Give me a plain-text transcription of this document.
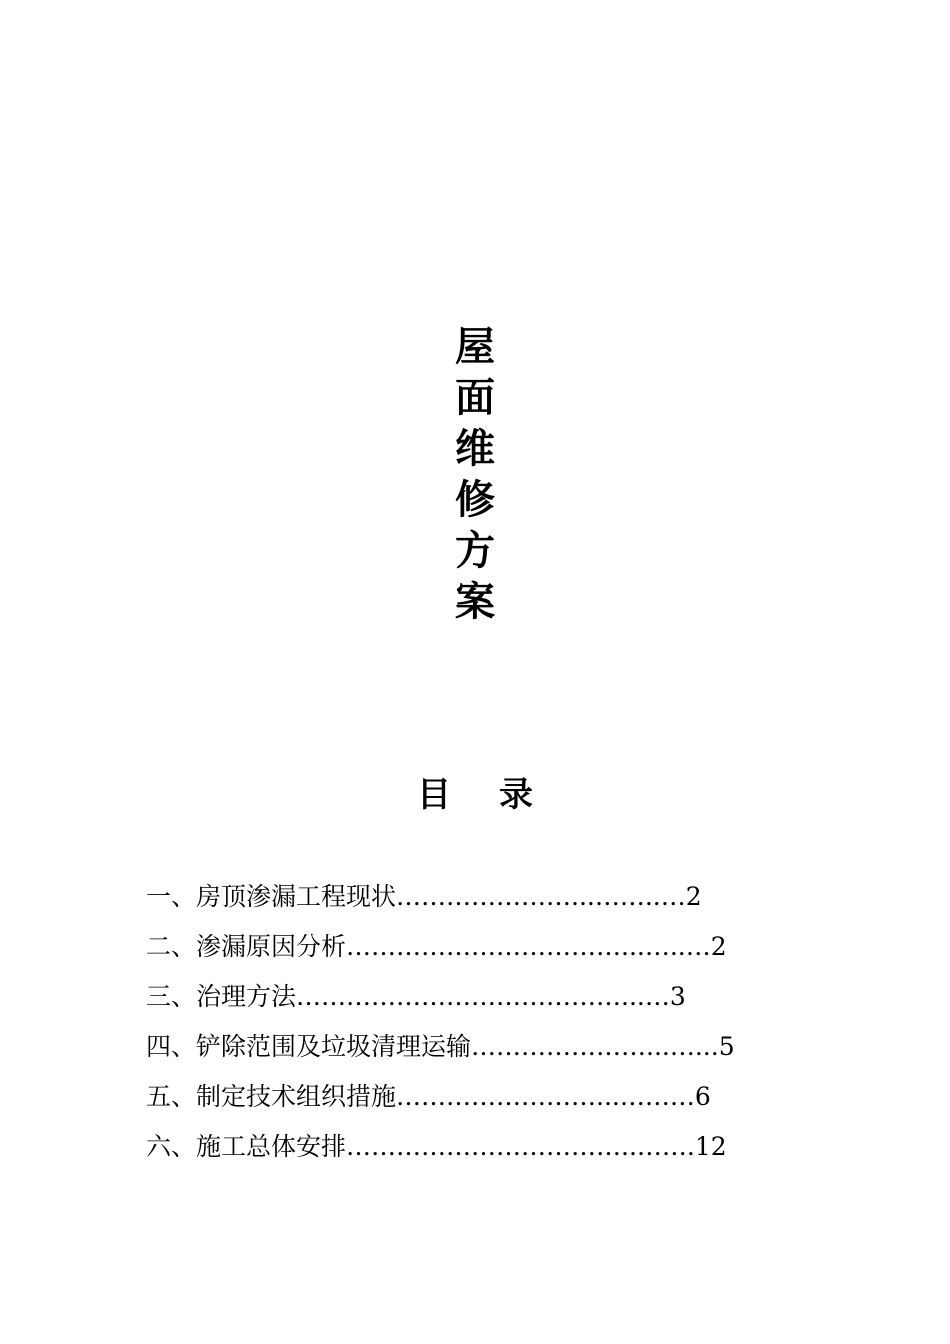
屋
面
维
修
方
案
目 录
一、房顶渗漏工程现状 …………………...……..… 2
二、渗漏原因分析 ……………………………...…..… 2
三、治理方法 …………………………………...… 3
四、铲除范围及垃圾清理运输 …………………...…... 5
五、制定技术组织措施 ……………………...……… 6
六、施工总体安排 ……………………………..……. 12
